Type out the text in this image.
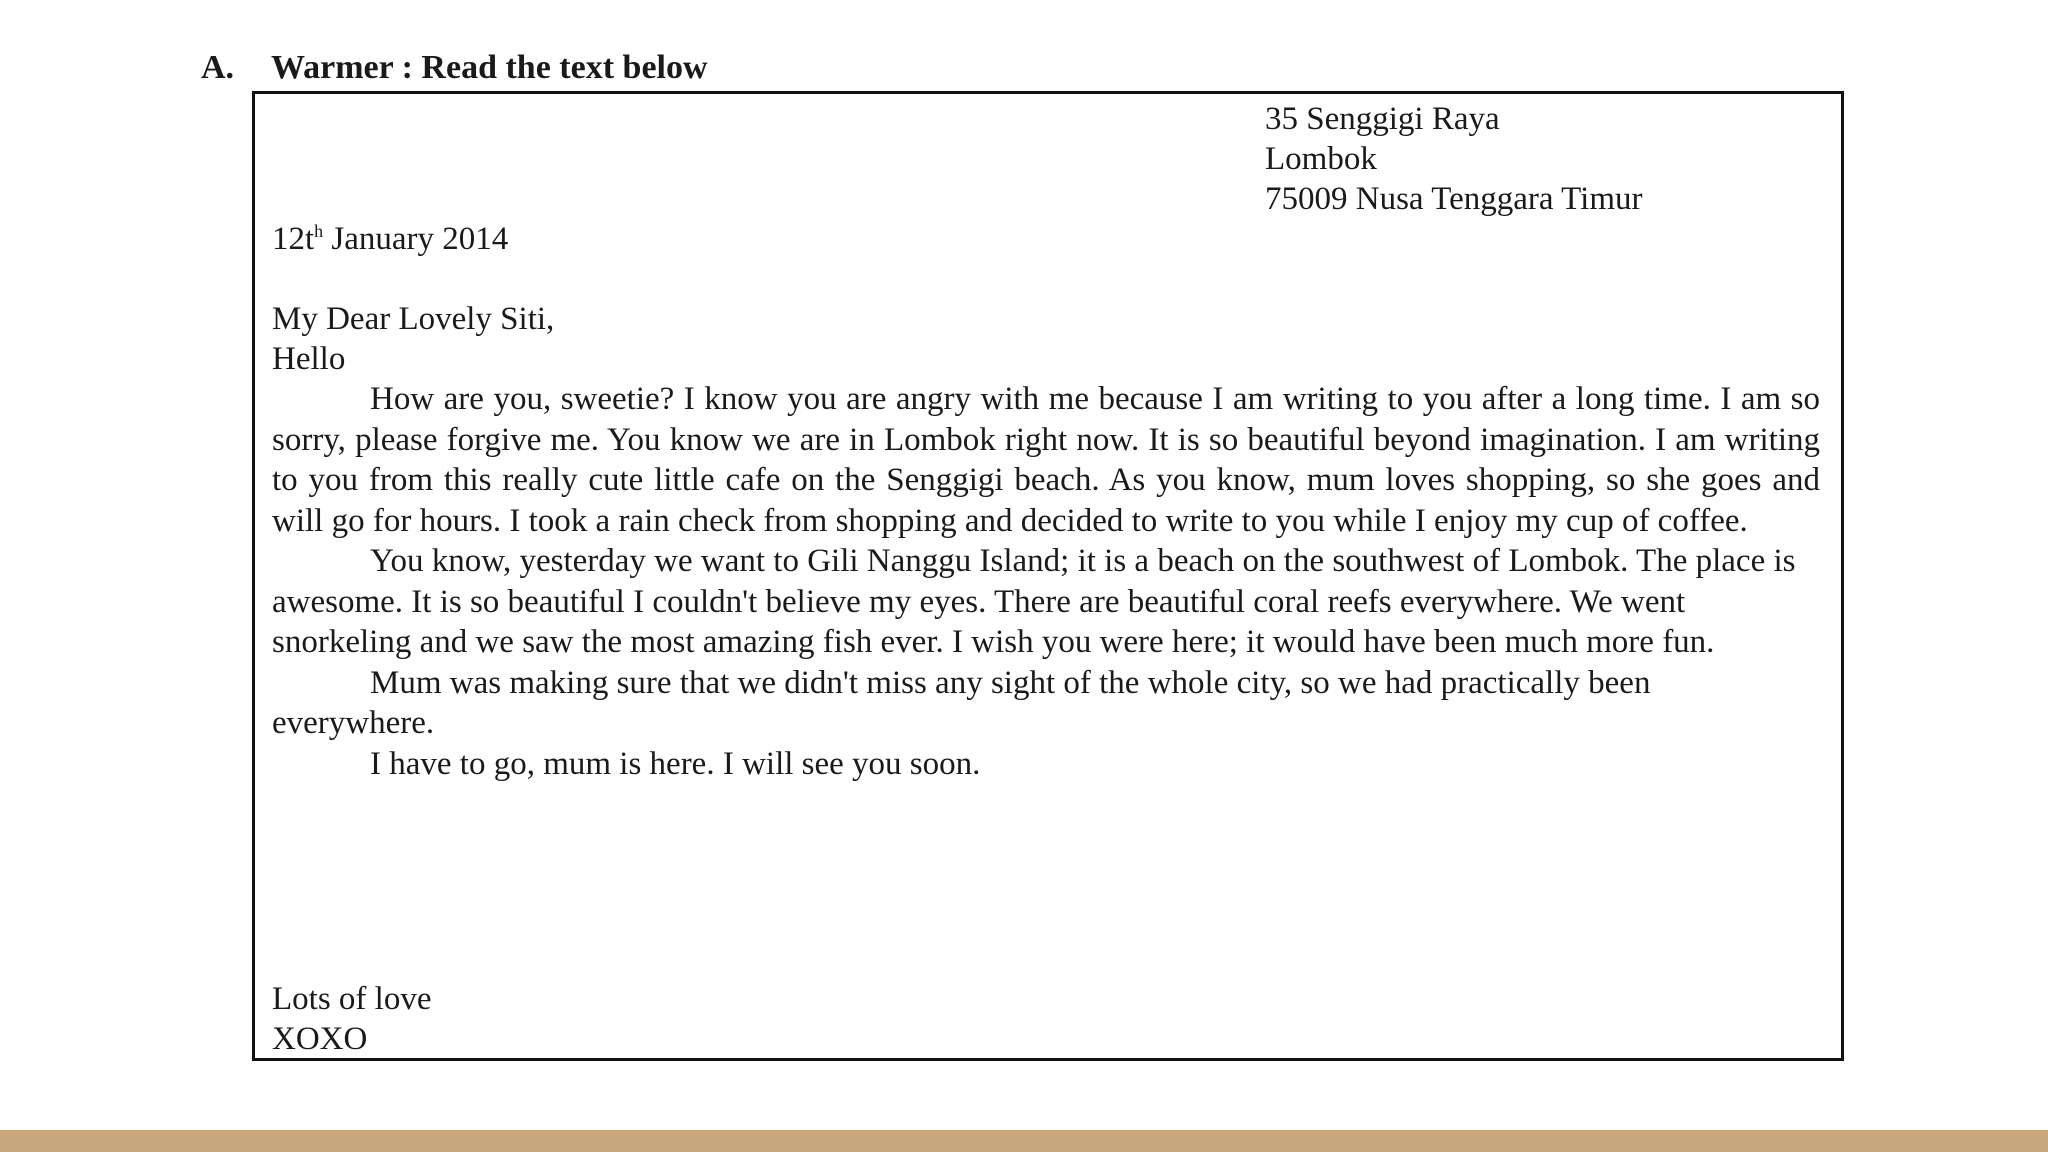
A. Warmer : Read the text below
35 Senggigi Raya
Lombok
75009 Nusa Tenggara Timur
$12t^h$ January 2014
My Dear Lovely Siti,
Hello

How are you, sweetie? I know you are angry with me because I am writing to you after a long time. I am so sorry, please forgive me. You know we are in Lombok right now. It is so beautiful beyond imagination. I am writing to you from this really cute little cafe on the Senggigi beach. As you know, mum loves shopping, so she goes and will go for hours. I took a rain check from shopping and decided to write to you while I enjoy my cup of coffee.

You know, yesterday we want to Gili Nanggu Island; it is a beach on the southwest of Lombok. The place is awesome. It is so beautiful I couldn't believe my eyes. There are beautiful coral reefs everywhere. We went snorkeling and we saw the most amazing fish ever. I wish you were here; it would have been much more fun.

Mum was making sure that we didn't miss any sight of the whole city, so we had practically been everywhere.

I have to go, mum is here. I will see you soon.

Lots of love
XOXO
